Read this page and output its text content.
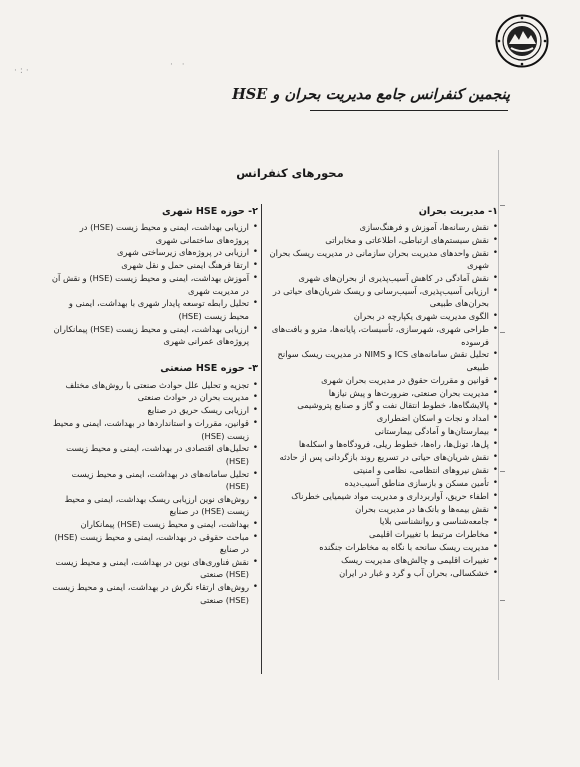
پنجمین کنفرانس جامع مدیریت بحران و HSE
·:·
· ·
محورهای کنفرانس
۱- مدیریت بحران
• نقش رسانه‌ها، آموزش و فرهنگ‌سازی
• نقش سیستم‌های ارتباطی، اطلاعاتی و مخابراتی
• نقش واحدهای مدیریت بحران سازمانی در مدیریت ریسک بحران شهری
• نقش آمادگی در کاهش آسیب‌پذیری از بحران‌های شهری
• ارزیابی آسیب‌پذیری، آسیب‌رسانی و ریسک شریان‌های حیاتی در بحران‌های طبیعی
• الگوی مدیریت شهری یکپارچه در بحران
• طراحی شهری، شهرسازی، تأسیسات، پایانه‌ها، مترو و بافت‌های فرسوده
• تحلیل نقش سامانه‌های ICS و NIMS در مدیریت ریسک سوانح طبیعی
• قوانین و مقررات حقوق در مدیریت بحران شهری
• مدیریت بحران صنعتی، ضرورت‌ها و پیش نیازها
• پالایشگاه‌ها، خطوط انتقال نفت و گاز و صنایع پتروشیمی
• امداد و نجات و اسکان اضطراری
• بیمارستان‌ها و آمادگی بیمارستانی
• پل‌ها، تونل‌ها، راه‌ها، خطوط ریلی، فرودگاه‌ها و اسکله‌ها
• نقش شریان‌های حیاتی در تسریع روند بازگردانی پس از حادثه
• نقش نیروهای انتظامی، نظامی و امنیتی
• تأمین مسکن و بازسازی مناطق آسیب‌دیده
• اطفاء حریق، آواربرداری و مدیریت مواد شیمیایی خطرناک
• نقش بیمه‌ها و بانک‌ها در مدیریت بحران
• جامعه‌شناسی و روانشناسی بلایا
• مخاطرات مرتبط با تغییرات اقلیمی
• مدیریت ریسک سانحه با نگاه به مخاطرات جنگنده
• تغییرات اقلیمی و چالش‌های مدیریت ریسک
• خشکسالی، بحران آب و گرد و غبار در ایران
۲- حوزه HSE شهری
• ارزیابی بهداشت، ایمنی و محیط زیست (HSE) در پروژه‌های ساختمانی شهری
• ارزیابی در پروژه‌های زیرساختی شهری
• ارتقا فرهنگ ایمنی حمل و نقل شهری
• آموزش بهداشت، ایمنی و محیط زیست (HSE) و نقش آن در مدیریت شهری
• تحلیل رابطه توسعه پایدار شهری با بهداشت، ایمنی و محیط زیست (HSE)
• ارزیابی بهداشت، ایمنی و محیط زیست (HSE) پیمانکاران پروژه‌های عمرانی شهری
۳- حوزه HSE صنعتی
• تجزیه و تحلیل علل حوادث صنعتی با روش‌های مختلف
• مدیریت بحران در حوادث صنعتی
• ارزیابی ریسک حریق در صنایع
• قوانین، مقررات و استانداردها در بهداشت، ایمنی و محیط زیست (HSE)
• تحلیل‌های اقتصادی در بهداشت، ایمنی و محیط زیست (HSE)
• تحلیل سامانه‌های در بهداشت، ایمنی و محیط زیست (HSE)
• روش‌های نوین ارزیابی ریسک بهداشت، ایمنی و محیط زیست (HSE) در صنایع
• بهداشت، ایمنی و محیط زیست (HSE) پیمانکاران
• مباحث حقوقی در بهداشت، ایمنی و محیط زیست (HSE) در صنایع
• نقش فناوری‌های نوین در بهداشت، ایمنی و محیط زیست (HSE) صنعتی
• روش‌های ارتقاء نگرش در بهداشت، ایمنی و محیط زیست (HSE) صنعتی
